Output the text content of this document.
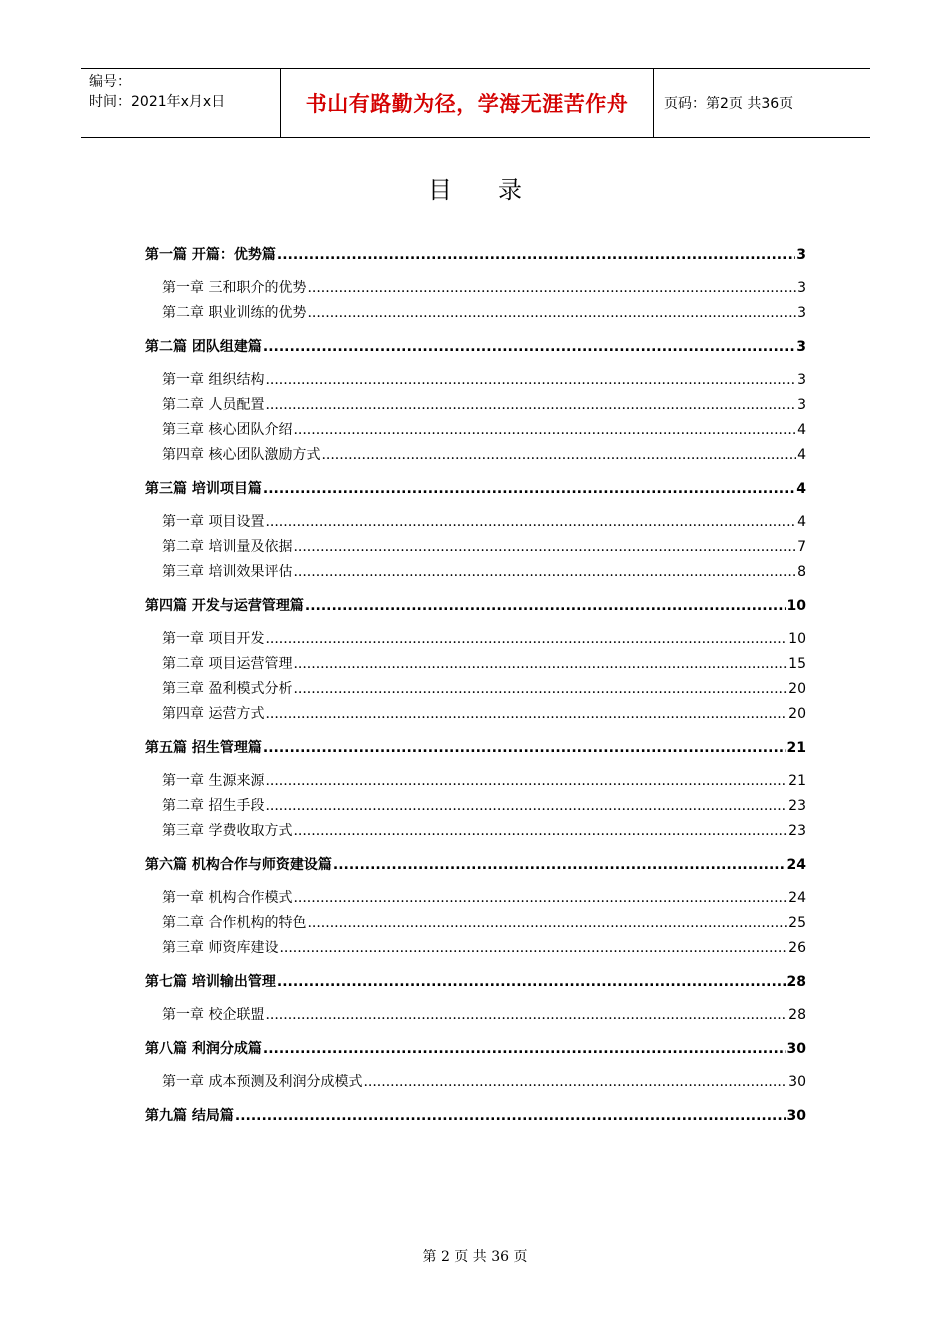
编号：
时间：2021年x月x日	书山有路勤为径，学海无涯苦作舟	页码：第2页 共36页
目录
第一篇 开篇：优势篇 .....	3
第一章 三和职介的优势 .....	3
第二章 职业训练的优势 .....	3
第二篇 团队组建篇 .....	3
第一章 组织结构 .....	3
第二章 人员配置 .....	3
第三章 核心团队介绍 .....	4
第四章 核心团队激励方式 .....	4
第三篇 培训项目篇 .....	4
第一章 项目设置 .....	4
第二章 培训量及依据 .....	7
第三章 培训效果评估 .....	8
第四篇 开发与运营管理篇 .....	10
第一章 项目开发 .....	10
第二章 项目运营管理 .....	15
第三章 盈利模式分析 .....	20
第四章 运营方式 .....	20
第五篇 招生管理篇 .....	21
第一章 生源来源 .....	21
第二章 招生手段 .....	23
第三章 学费收取方式 .....	23
第六篇 机构合作与师资建设篇 .....	24
第一章 机构合作模式 .....	24
第二章 合作机构的特色 .....	25
第三章 师资库建设 .....	26
第七篇 培训输出管理 .....	28
第一章 校企联盟 .....	28
第八篇 利润分成篇 .....	30
第一章 成本预测及利润分成模式 .....	30
第九篇 结局篇 .....	30
第 2 页 共 36 页
